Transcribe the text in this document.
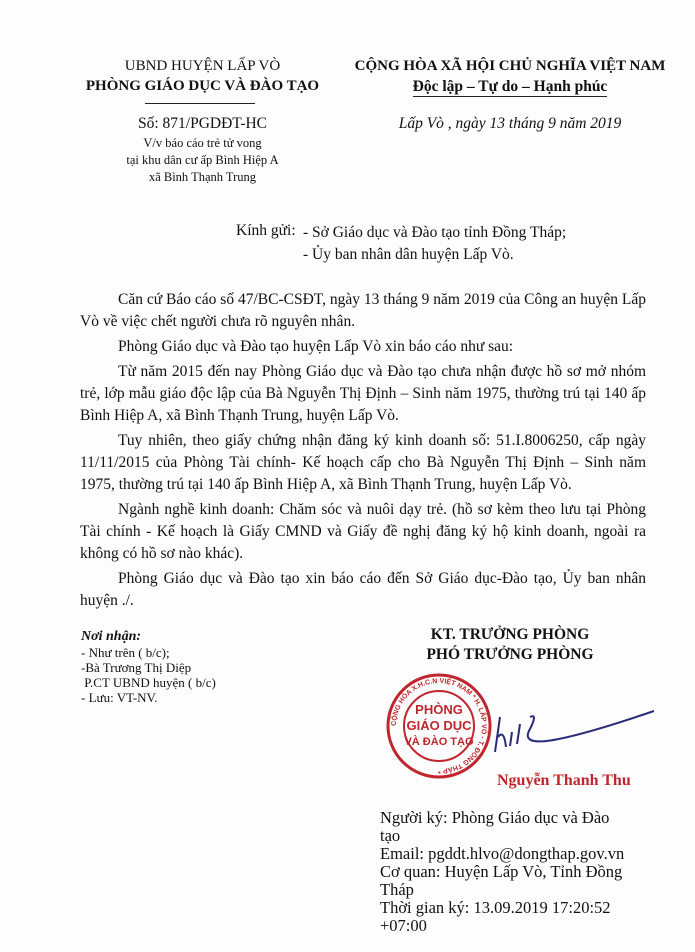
UBND HUYỆN LẤP VÒ
PHÒNG GIÁO DỤC VÀ ĐÀO TẠO
Số: 871/PGDĐT-HC
V/v báo cáo trẻ tử vong
tại khu dân cư ấp Bình Hiệp A
xã Bình Thạnh Trung
CỘNG HÒA XÃ HỘI CHỦ NGHĨA VIỆT NAM
Độc lập – Tự do – Hạnh phúc
Lấp Vò , ngày 13 tháng 9 năm 2019
Kính gửi: - Sở Giáo dục và Đào tạo tỉnh Đồng Tháp;
- Ủy ban nhân dân huyện Lấp Vò.
Căn cứ Báo cáo số 47/BC-CSĐT, ngày 13 tháng 9 năm 2019 của Công an huyện Lấp Vò về việc chết người chưa rõ nguyên nhân.
Phòng Giáo dục và Đào tạo huyện Lấp Vò xin báo cáo như sau:
Từ năm 2015 đến nay Phòng Giáo dục và Đào tạo chưa nhận được hồ sơ mở nhóm trẻ, lớp mẫu giáo độc lập của Bà Nguyễn Thị Định – Sinh năm 1975, thường trú tại 140 ấp Bình Hiệp A, xã Bình Thạnh Trung, huyện Lấp Vò.
Tuy nhiên, theo giấy chứng nhận đăng ký kinh doanh số: 51.I.8006250, cấp ngày 11/11/2015 của Phòng Tài chính- Kế hoạch cấp cho Bà Nguyễn Thị Định – Sinh năm 1975, thường trú tại 140 ấp Bình Hiệp A, xã Bình Thạnh Trung, huyện Lấp Vò.
Ngành nghề kinh doanh: Chăm sóc và nuôi dạy trẻ. (hồ sơ kèm theo lưu tại Phòng Tài chính - Kế hoạch là Giấy CMND và Giấy đề nghị đăng ký hộ kinh doanh, ngoài ra không có hồ sơ nào khác).
Phòng Giáo dục và Đào tạo xin báo cáo đến Sở Giáo dục-Đào tạo, Ủy ban nhân huyện ./.
Nơi nhận:
- Như trên ( b/c);
-Bà Trương Thị Diệp
P.CT UBND huyện ( b/c)
- Lưu: VT-NV.
KT. TRƯỞNG PHÒNG
PHÓ TRƯỞNG PHÒNG
CỘNG HÒA X.H.C.N VIỆT NAM * H. LẤP VÒ - T. ĐỒNG THÁP *
PHÒNG
GIÁO DỤC
VÀ ĐÀO TẠO
Nguyễn Thanh Thu
Người ký: Phòng Giáo dục và Đào
tạo
Email: pgddt.hlvo@dongthap.gov.vn
Cơ quan: Huyện Lấp Vò, Tỉnh Đồng
Tháp
Thời gian ký: 13.09.2019 17:20:52
+07:00
